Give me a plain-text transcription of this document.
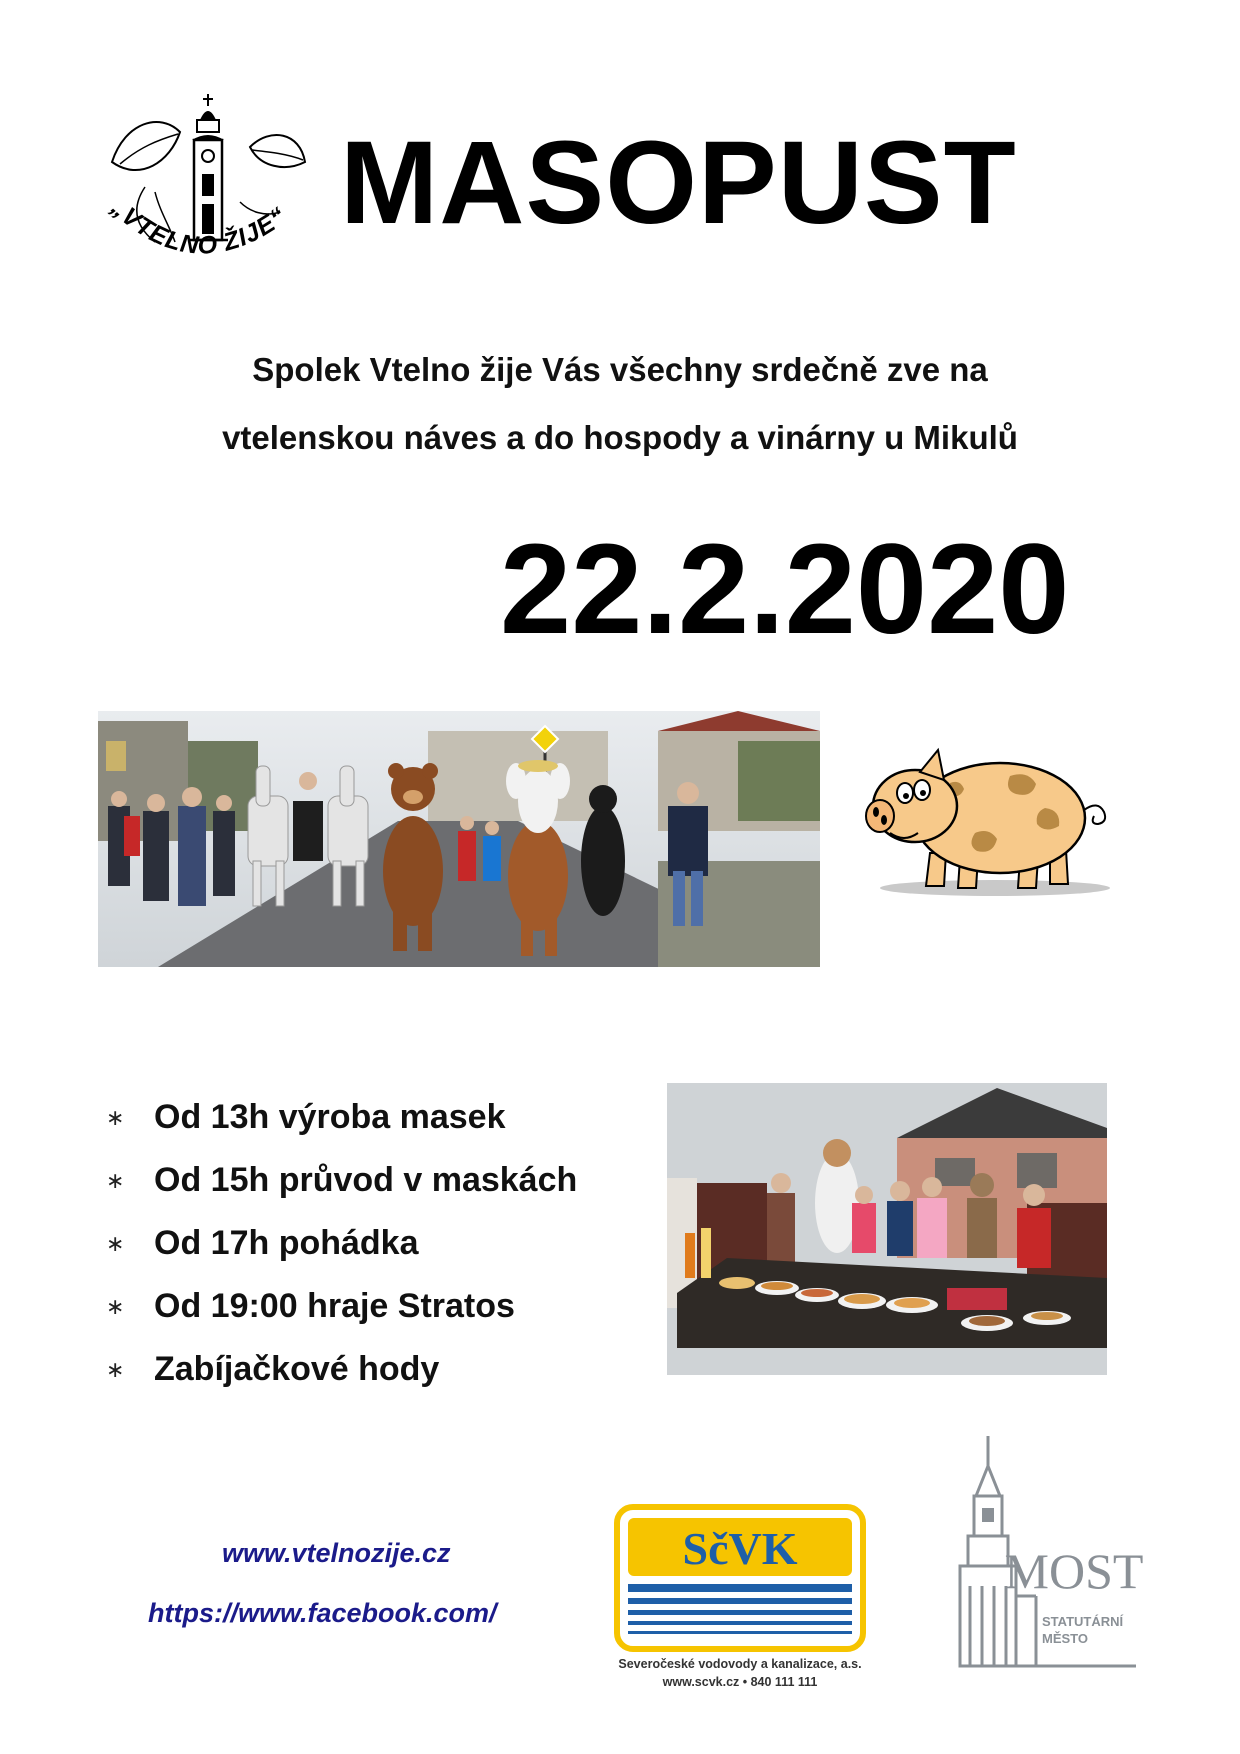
„VTELNO ŽIJE“ MASOPUST
Spolek Vtelno žije Vás všechny srdečně zve na
vtelenskou náves a do hospody a vinárny u Mikulů
22.2.2020
∗ Od 13h výroba masek
∗ Od 15h průvod v maskách
∗ Od 17h pohádka
∗ Od 19:00 hraje Stratos
∗ Zabíjačkové hody
www.vtelnozije.cz
https://www.facebook.com/
SčVK
Severočeské vodovody a kanalizace, a.s.
www.scvk.cz • 840 111 111
MOST
STATUTÁRNÍ
MĚSTO
